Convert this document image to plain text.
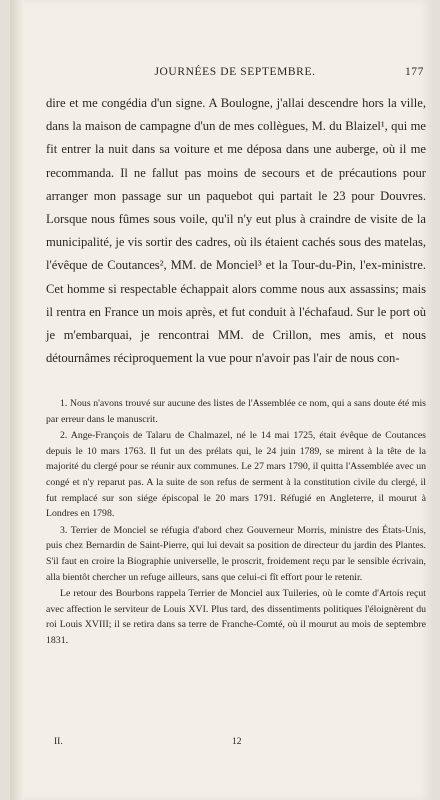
JOURNÉES DE SEPTEMBRE.	177

dire et me congédia d'un signe. A Boulogne, j'allai descendre hors la ville, dans la maison de campagne d'un de mes collègues, M. du Blaizel¹, qui me fit entrer la nuit dans sa voiture et me déposa dans une auberge, où il me recommanda. Il ne fallut pas moins de secours et de précautions pour arranger mon passage sur un paquebot qui partait le 23 pour Douvres. Lorsque nous fûmes sous voile, qu'il n'y eut plus à craindre de visite de la municipalité, je vis sortir des cadres, où ils étaient cachés sous des matelas, l'évêque de Coutances², MM. de Monciel³ et la Tour-du-Pin, l'ex-ministre. Cet homme si respectable échappait alors comme nous aux assassins; mais il rentra en France un mois après, et fut conduit à l'échafaud. Sur le port où je m'embarquai, je rencontrai MM. de Crillon, mes amis, et nous détournâmes réciproquement la vue pour n'avoir pas l'air de nous con-

1. Nous n'avons trouvé sur aucune des listes de l'Assemblée ce nom, qui a sans doute été mis par erreur dans le manuscrit.

2. Ange-François de Talaru de Chalmazel, né le 14 mai 1725, était évêque de Coutances depuis le 10 mars 1763. Il fut un des prélats qui, le 24 juin 1789, se mirent à la tête de la majorité du clergé pour se réunir aux communes. Le 27 mars 1790, il quitta l'Assemblée avec un congé et n'y reparut pas. A la suite de son refus de serment à la constitution civile du clergé, il fut remplacé sur son siége épiscopal le 20 mars 1791. Réfugié en Angleterre, il mourut à Londres en 1798.

3. Terrier de Monciel se réfugia d'abord chez Gouverneur Morris, ministre des États-Unis, puis chez Bernardin de Saint-Pierre, qui lui devait sa position de directeur du jardin des Plantes. S'il faut en croire la Biographie universelle, le proscrit, froidement reçu par le sensible écrivain, alla bientôt chercher un refuge ailleurs, sans que celui-ci fît effort pour le retenir.

Le retour des Bourbons rappela Terrier de Monciel aux Tuileries, où le comte d'Artois reçut avec affection le serviteur de Louis XVI. Plus tard, des dissentiments politiques l'éloignèrent du roi Louis XVIII; il se retira dans sa terre de Franche-Comté, où il mourut au mois de septembre 1831.

II.	12
